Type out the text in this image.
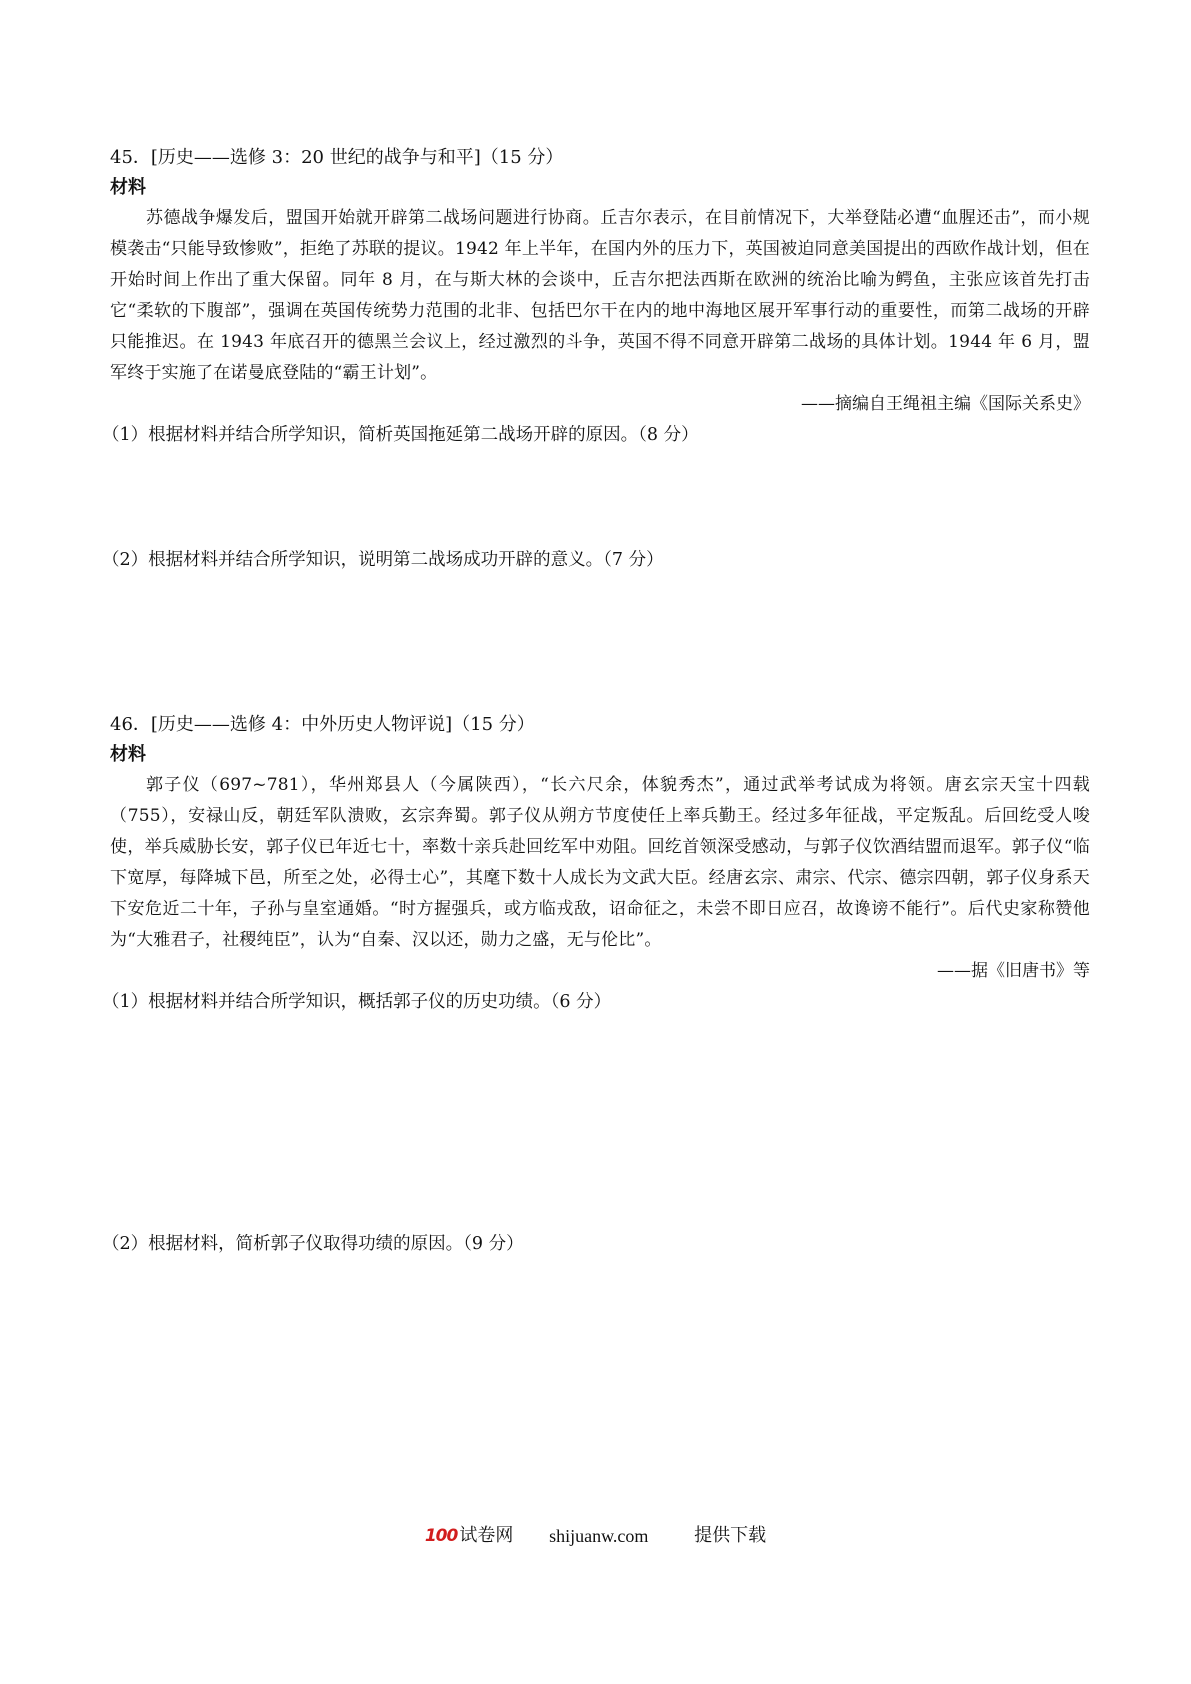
45．[历史——选修 3：20 世纪的战争与和平]（15 分）
材料

苏德战争爆发后，盟国开始就开辟第二战场问题进行协商。丘吉尔表示，在目前情况下，大举登陆必遭“血腥还击”，而小规模袭击“只能导致惨败”，拒绝了苏联的提议。1942 年上半年，在国内外的压力下，英国被迫同意美国提出的西欧作战计划，但在开始时间上作出了重大保留。同年 8 月，在与斯大林的会谈中，丘吉尔把法西斯在欧洲的统治比喻为鳄鱼，主张应该首先打击它“柔软的下腹部”，强调在英国传统势力范围的北非、包括巴尔干在内的地中海地区展开军事行动的重要性，而第二战场的开辟只能推迟。在 1943 年底召开的德黑兰会议上，经过激烈的斗争，英国不得不同意开辟第二战场的具体计划。1944 年 6 月，盟军终于实施了在诺曼底登陆的“霸王计划”。

——摘编自王绳祖主编《国际关系史》
（1）根据材料并结合所学知识，简析英国拖延第二战场开辟的原因。（8 分）
（2）根据材料并结合所学知识，说明第二战场成功开辟的意义。（7 分）
46．[历史——选修 4：中外历史人物评说]（15 分）
材料

郭子仪（697~781），华州郑县人（今属陕西），“长六尺余，体貌秀杰”，通过武举考试成为将领。唐玄宗天宝十四载（755），安禄山反，朝廷军队溃败，玄宗奔蜀。郭子仪从朔方节度使任上率兵勤王。经过多年征战，平定叛乱。后回纥受人唆使，举兵威胁长安，郭子仪已年近七十，率数十亲兵赴回纥军中劝阻。回纥首领深受感动，与郭子仪饮酒结盟而退军。郭子仪“临下宽厚，每降城下邑，所至之处，必得士心”，其麾下数十人成长为文武大臣。经唐玄宗、肃宗、代宗、德宗四朝，郭子仪身系天下安危近二十年，子孙与皇室通婚。“时方握强兵，或方临戎敌，诏命征之，未尝不即日应召，故谗谤不能行”。后代史家称赞他为“大雅君子，社稷纯臣”，认为“自秦、汉以还，勋力之盛，无与伦比”。

——据《旧唐书》等
（1）根据材料并结合所学知识，概括郭子仪的历史功绩。（6 分）
（2）根据材料，简析郭子仪取得功绩的原因。（9 分）
100 试卷网 shijuanw.com	提供下载
